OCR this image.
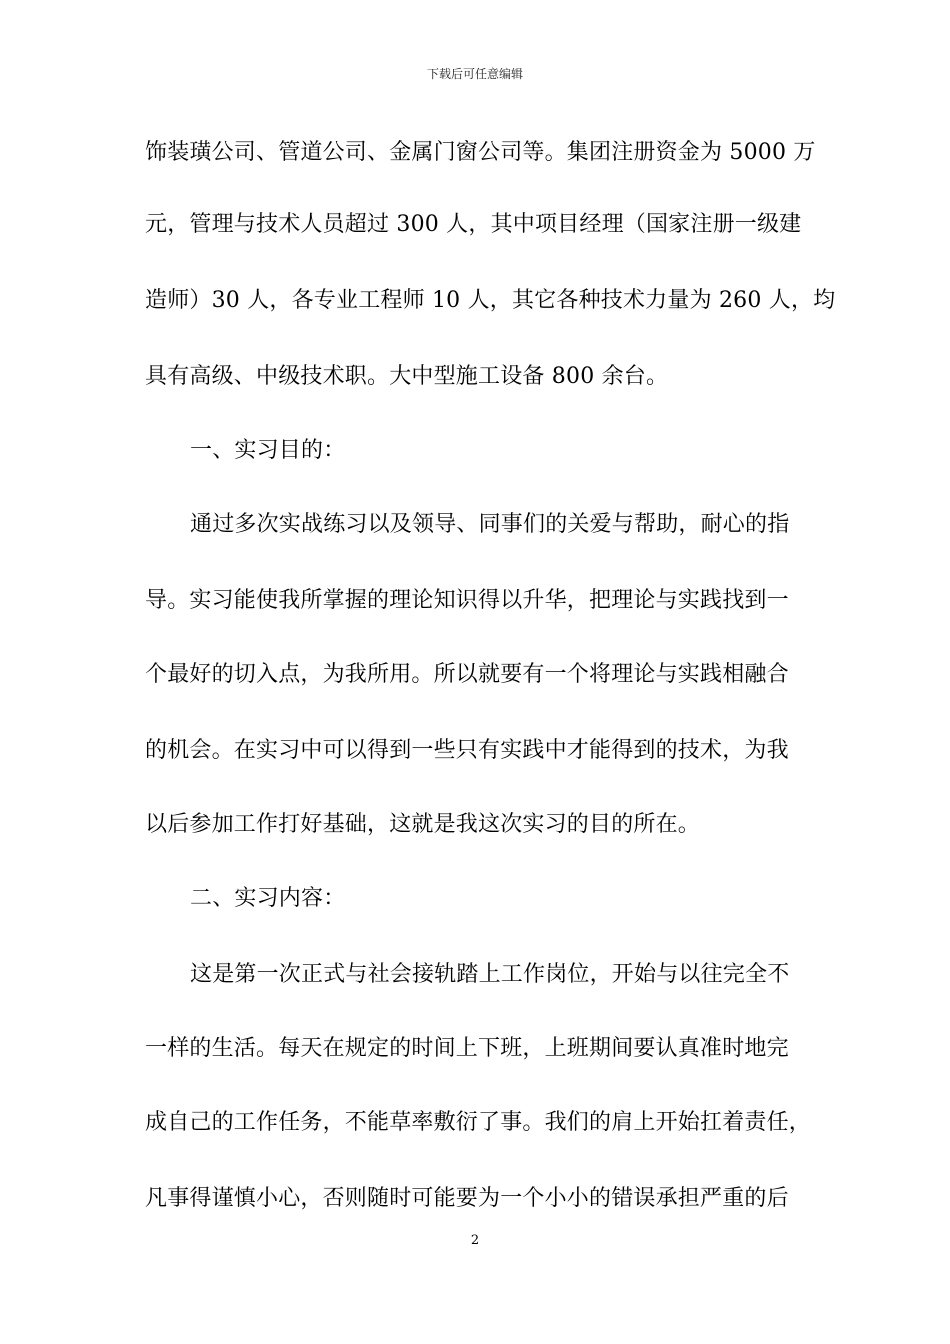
下载后可任意编辑
饰装璜公司、管道公司、金属门窗公司等。集团注册资金为 5000 万
元，管理与技术人员超过 300 人，其中项目经理（国家注册一级建
造师）30 人，各专业工程师 10 人，其它各种技术力量为 260 人，均
具有高级、中级技术职。大中型施工设备 800 余台。
一、实习目的：
通过多次实战练习以及领导、同事们的关爱与帮助，耐心的指
导。实习能使我所掌握的理论知识得以升华，把理论与实践找到一
个最好的切入点，为我所用。所以就要有一个将理论与实践相融合
的机会。在实习中可以得到一些只有实践中才能得到的技术，为我
以后参加工作打好基础，这就是我这次实习的目的所在。
二、实习内容：
这是第一次正式与社会接轨踏上工作岗位，开始与以往完全不
一样的生活。每天在规定的时间上下班，上班期间要认真准时地完
成自己的工作任务，不能草率敷衍了事。我们的肩上开始扛着责任，
凡事得谨慎小心，否则随时可能要为一个小小的错误承担严重的后
2
